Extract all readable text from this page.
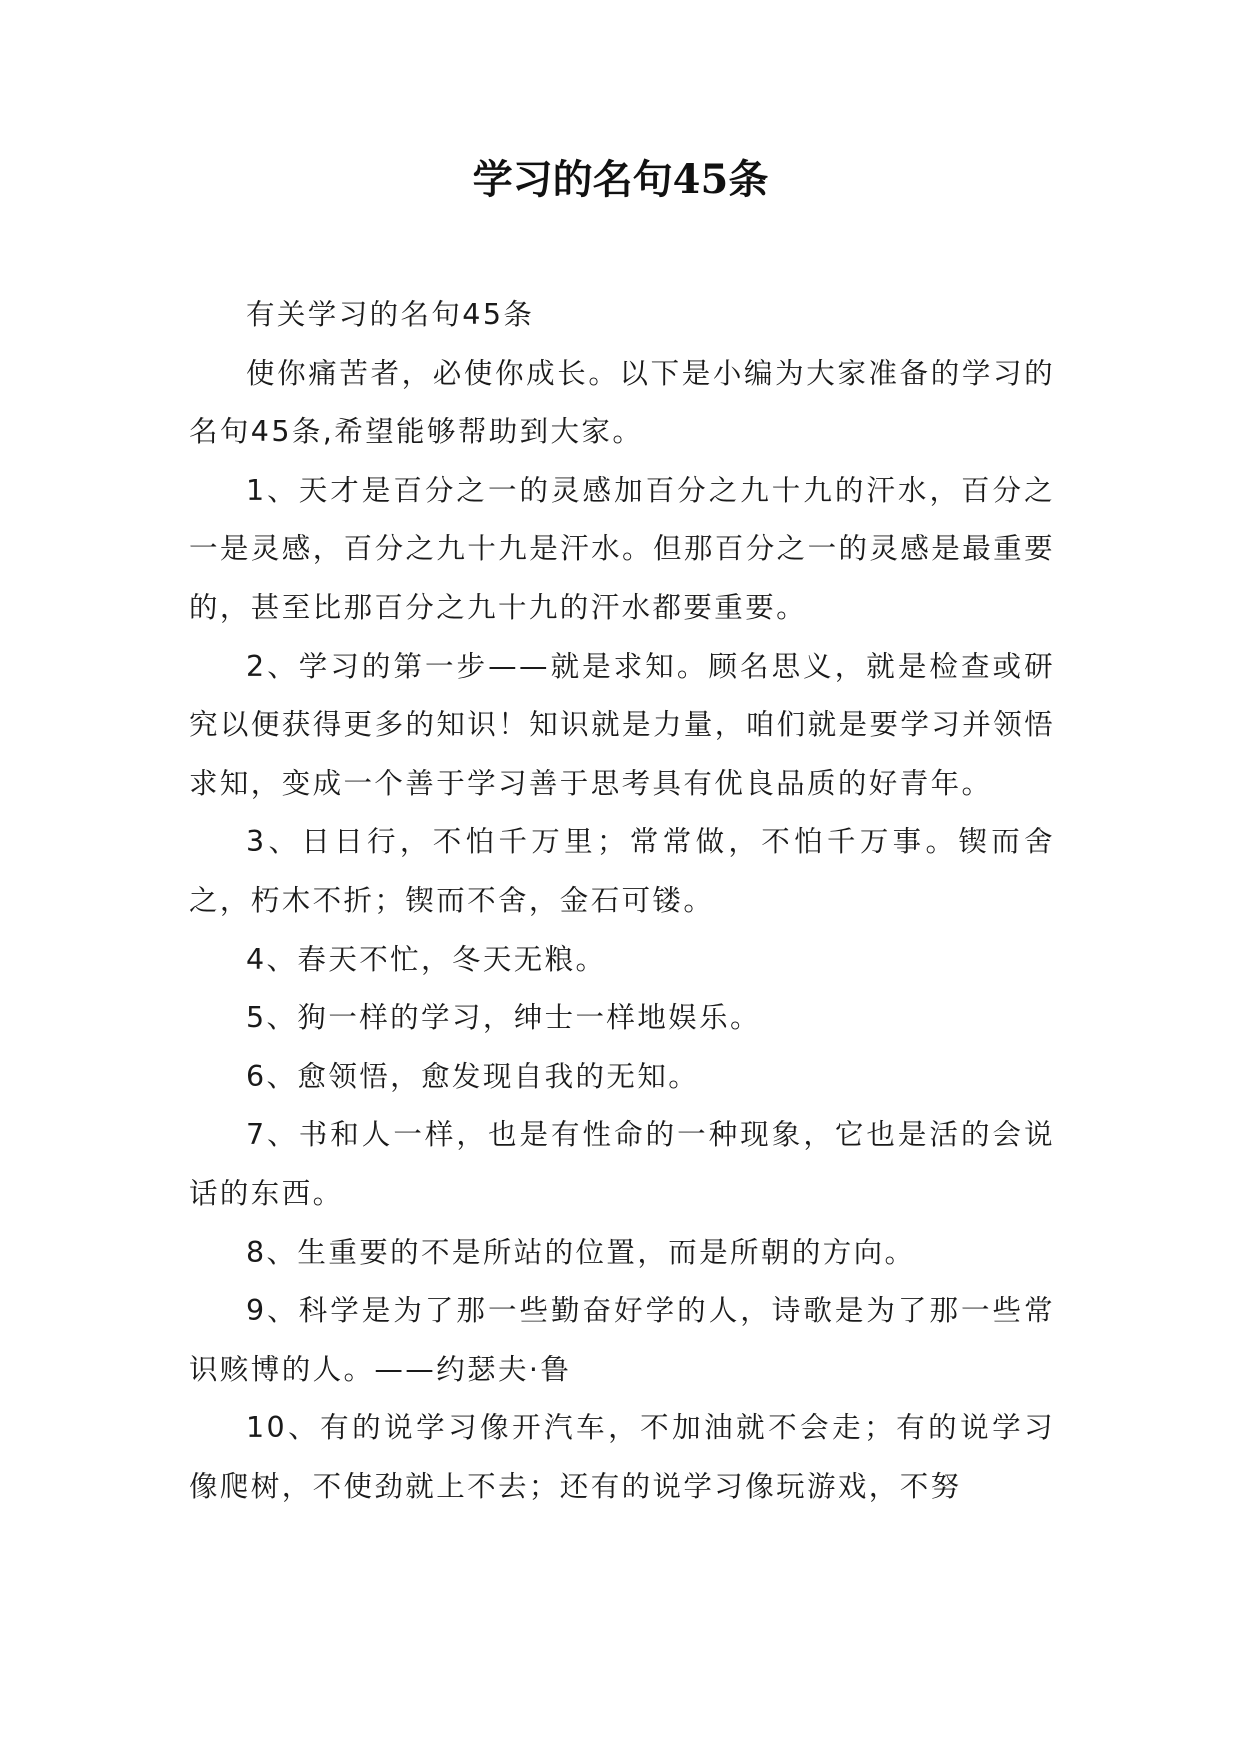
学习的名句45条

有关学习的名句45条

使你痛苦者，必使你成长。以下是小编为大家准备的学习的名句45条,希望能够帮助到大家。

1、天才是百分之一的灵感加百分之九十九的汗水，百分之一是灵感，百分之九十九是汗水。但那百分之一的灵感是最重要的，甚至比那百分之九十九的汗水都要重要。

2、学习的第一步——就是求知。顾名思义，就是检查或研究以便获得更多的知识！知识就是力量，咱们就是要学习并领悟求知，变成一个善于学习善于思考具有优良品质的好青年。

3、日日行，不怕千万里；常常做，不怕千万事。锲而舍之，朽木不折；锲而不舍，金石可镂。

4、春天不忙，冬天无粮。

5、狗一样的学习，绅士一样地娱乐。

6、愈领悟，愈发现自我的无知。

7、书和人一样，也是有性命的一种现象，它也是活的会说话的东西。

8、生重要的不是所站的位置，而是所朝的方向。

9、科学是为了那一些勤奋好学的人，诗歌是为了那一些常识赅博的人。——约瑟夫·鲁

10、有的说学习像开汽车，不加油就不会走；有的说学习像爬树，不使劲就上不去；还有的说学习像玩游戏，不努
